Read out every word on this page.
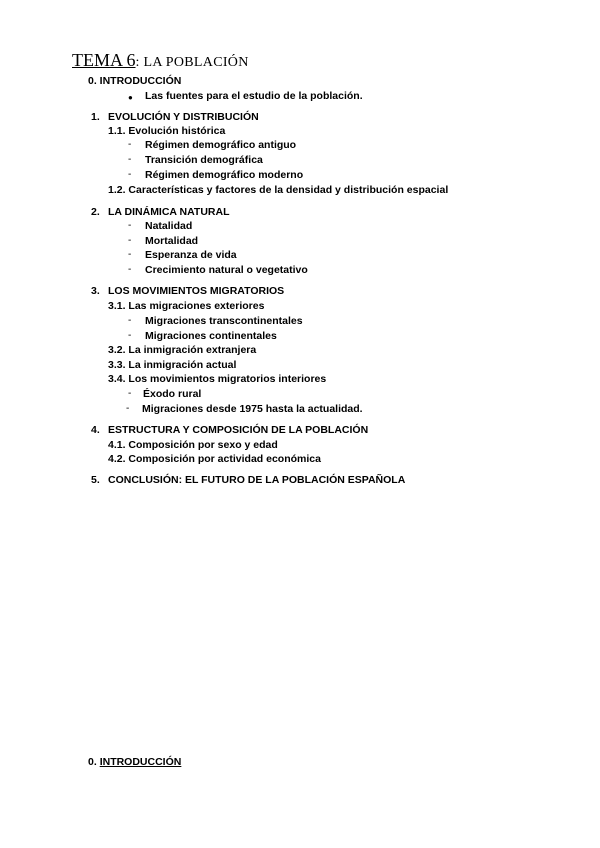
TEMA 6: LA POBLACIÓN
0. INTRODUCCIÓN
● Las fuentes para el estudio de la población.
1. EVOLUCIÓN Y DISTRIBUCIÓN
1.1. Evolución histórica
- Régimen demográfico antiguo
- Transición demográfica
- Régimen demográfico moderno
1.2. Características y factores de la densidad y distribución espacial
2. LA DINÁMICA NATURAL
- Natalidad
- Mortalidad
- Esperanza de vida
- Crecimiento natural o vegetativo
3. LOS MOVIMIENTOS MIGRATORIOS
3.1. Las migraciones exteriores
- Migraciones transcontinentales
- Migraciones continentales
3.2. La inmigración extranjera
3.3. La inmigración actual
3.4. Los movimientos migratorios interiores
- Éxodo rural
- Migraciones desde 1975 hasta la actualidad.
4. ESTRUCTURA Y COMPOSICIÓN DE LA POBLACIÓN
4.1. Composición por sexo y edad
4.2. Composición por actividad económica
5. CONCLUSIÓN: EL FUTURO DE LA POBLACIÓN ESPAÑOLA
0. INTRODUCCIÓN
